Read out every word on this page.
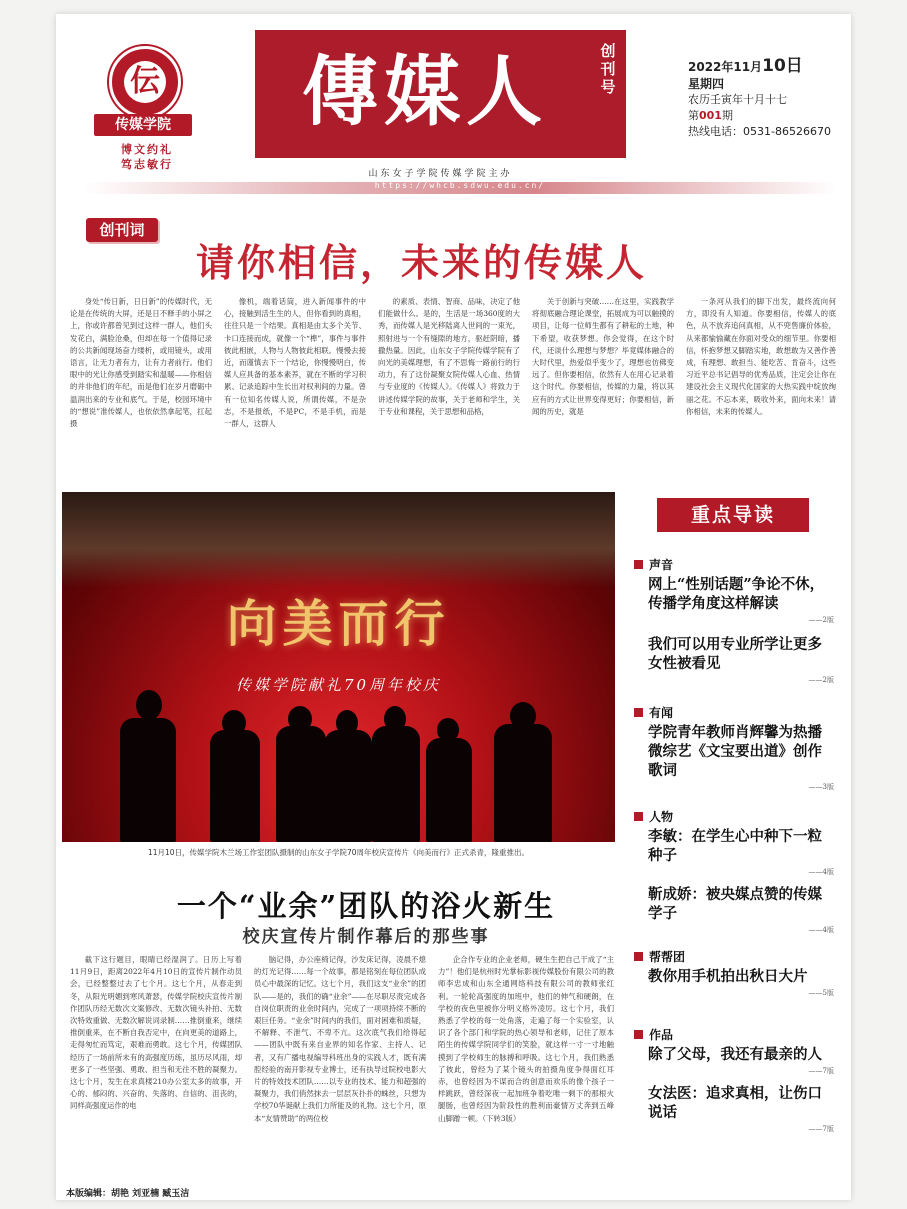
伝
传媒学院
博文约礼
笃志敏行
傳媒人	创刊号
2022年11月10日
星期四
农历壬寅年十月十七
第001期
热线电话：0531-86526670
山东女子学院传媒学院主办
https://whcb.sdwu.edu.cn/
创刊词
请你相信，未来的传媒人

身处“传日新，日日新”的传媒时代，无论是在传统的大屏，还是日不释手的小屏之上，你或许都曾见到过这样一群人，他们头发花白，满脸沧桑，但却在每一个值得记录的公共新闻现场奋力缕析，或用镜头，或用语言，让无力者有力，让有力者前行。他们眼中的光让你感受到踏实和温暖——你相信的并非他们的年纪，而是他们在岁月磨砺中温润出来的专业和底气。于是，校园环境中的“想说”准传媒人，也依依然拿起笔，扛起摄

像机，端着话筒，进入新闻事件的中心，接触到活生生的人，但你看到的真相，往往只是一个结果。真相是由太多个关节、卡口连接而成，就像一个“榫”，事件与事件彼此相嵌，人物与人物彼此相联。慢慢去接近，而谨慎去下一个结论，你慢慢明白，传媒人应具备的基本素养，就在不断的学习积累、记录追踪中生长出对权利间的力量。曾有一位知名传媒人说，所谓传媒，不是杂志，不是报纸，不是PC，不是手机，而是一群人，这群人

的素质、表情、智商、品味，决定了他们能做什么。是的，生活是一场360度的大秀，而传媒人是光移陆离人世间的一束光，照射进与一个有缝隙的地方，驱赶阴暗，播撒热量。因此，山东女子学院传媒学院有了向光的美媒理想，有了不思悔一路前行的行动力，有了这份凝聚女院传媒人心血、热情与专业度的《传媒人》。《传媒人》将致力于讲述传媒学院的故事，关于老师和学生，关于专业和课程，关于思想和品格，

关于创新与突破……在这里，实践教学将彻底融合理论课堂，拓展成为可以触摸的项目，让每一位师生都有了耕耘的土地，种下希望，收获梦想。你会觉得，在这个时代，还谈什么理想与梦想？毕竟媒体融合的大时代里，热爱似乎变少了，理想也仿佛变远了。但你要相信，依然有人在用心记录着这个时代。你要相信，传媒的力量，将以其应有的方式让世界变得更好；你要相信，新闻的历史，就是

一条河从我们的脚下出发，最终流向何方，即没有人知道。你要相信，传媒人的底色，从不放弃追问真相，从不兜售廉价体验，从来都愉愉藏在你面对受众的细节里。你要相信，怀抱梦想又脚踏实地，敢想敢为又善作善成，有理想、敢担当、能吃苦、肯奋斗，这些习近平总书记倡导的优秀品质，注定会让你在建设社会主义现代化国家的大热实践中绽放绚丽之花。不忘本来，吸收外来，面向未来！请你相信，未来的传媒人。

向美而行
传媒学院献礼70周年校庆
11月10日，传媒学院木兰场工作室团队摄制的山东女子学院70周年校庆宣传片《向美而行》正式杀青，隆重推出。
一个“业余”团队的浴火新生
校庆宣传片制作幕后的那些事

截下这行题目，眼睛已经湿润了。日历上写着11月9日，距离2022年4月10日的宣传片制作动员会，已经整整过去了七个月。这七个月，从春走到冬，从阳光明媚到寒风萧瑟，传媒学院校庆宣传片制作团队历经无数次文案修改、无数次镜头补拍、无数次特效重做、无数次解说词录制……推倒重来，继续推倒重来，在不断自我否定中，在向更美的道路上，走得匆忙而笃定，艰难而勇敢。这七个月，传媒团队经历了一场前所未有的高强度历练，虽历尽风雨，却更多了一些坚强、勇敢、担当和无往不胜的凝聚力。这七个月，发生在求真楼210办公室太多的故事，开心的、郁闷的、兴奋的、失落的、自信的、沮丧的，同样高强度运作的电

脑记得，办公座椅记得，沙发床记得，凌晨不熄的灯光记得……每一个故事，都是铭刻在每位团队成员心中最深的记忆。这七个月，我们这支“业余”的团队——是的，我们的确“业余”——在尽职尽责完成各自岗位职责的业余时间内，完成了一项项持续不断的艰巨任务。“业余”时间内的我们，面对困难和质疑，不解释、不泄气、不卑不亢。这次底气我们给得起——团队中既有来自业界的知名作家、主持人、记者，又有广播电视编导科班出身的实践人才，既有满腔经验的南开影视专业博士，还有执导过院校电影大片的特效技术团队……以专业的技术、能力和超强的凝聚力，我们俏然抹去一层层灰扑扑的蛛丝，只想为学校70华诞献上我们力所能及的礼物。这七个月，原本“友情赞助”的两位校

企合作专业的企业老师，硬生生把自己干成了“主力”！他们是杭州时光掌标影视传媒股份有限公司的教师李忠成和山东全通网络科技有限公司的教师张红利。一轮轮高强度的加班中，他们的伸气和硬朗，在学校的夜色里被你分明义格外凌厉。这七个月，我们熟悉了学校的每一处角落，走遍了每一个实验室，认识了各个部门和学院的热心领导和老师，记住了原本陌生的传媒学院同学们的笑脸，就这样一寸一寸地触摸到了学校师生的脉搏和呼吸。这七个月，我们熟悉了彼此，曾经为了某个镜头的拍摄角度争得面红耳赤，也曾经因为不谋而合的创意而欢乐的像个孩子一样跳跃，曾经深夜一起加班争着吃唯一剩下的那根火腿肠，也曾经因为阶段性的胜利而豪情万丈奔到五峰山脚蹭一顿。（下转3版）

重点导读
声音
网上“性别话题”争论不休，传播学角度这样解读
——2版
我们可以用专业所学让更多女性被看见
——2版
有闻
学院青年教师肖辉馨为热播微综艺《文宝要出道》创作歌词
——3版
人物
李敏：在学生心中种下一粒种子
——4版
靳成娇：被央媒点赞的传媒学子
——4版
帮帮团
教你用手机拍出秋日大片
——5版
作品
除了父母，我还有最亲的人
——7版
女法医：追求真相，让伤口说话
——7版
本版编辑：胡艳 刘亚楠 臧玉洁
